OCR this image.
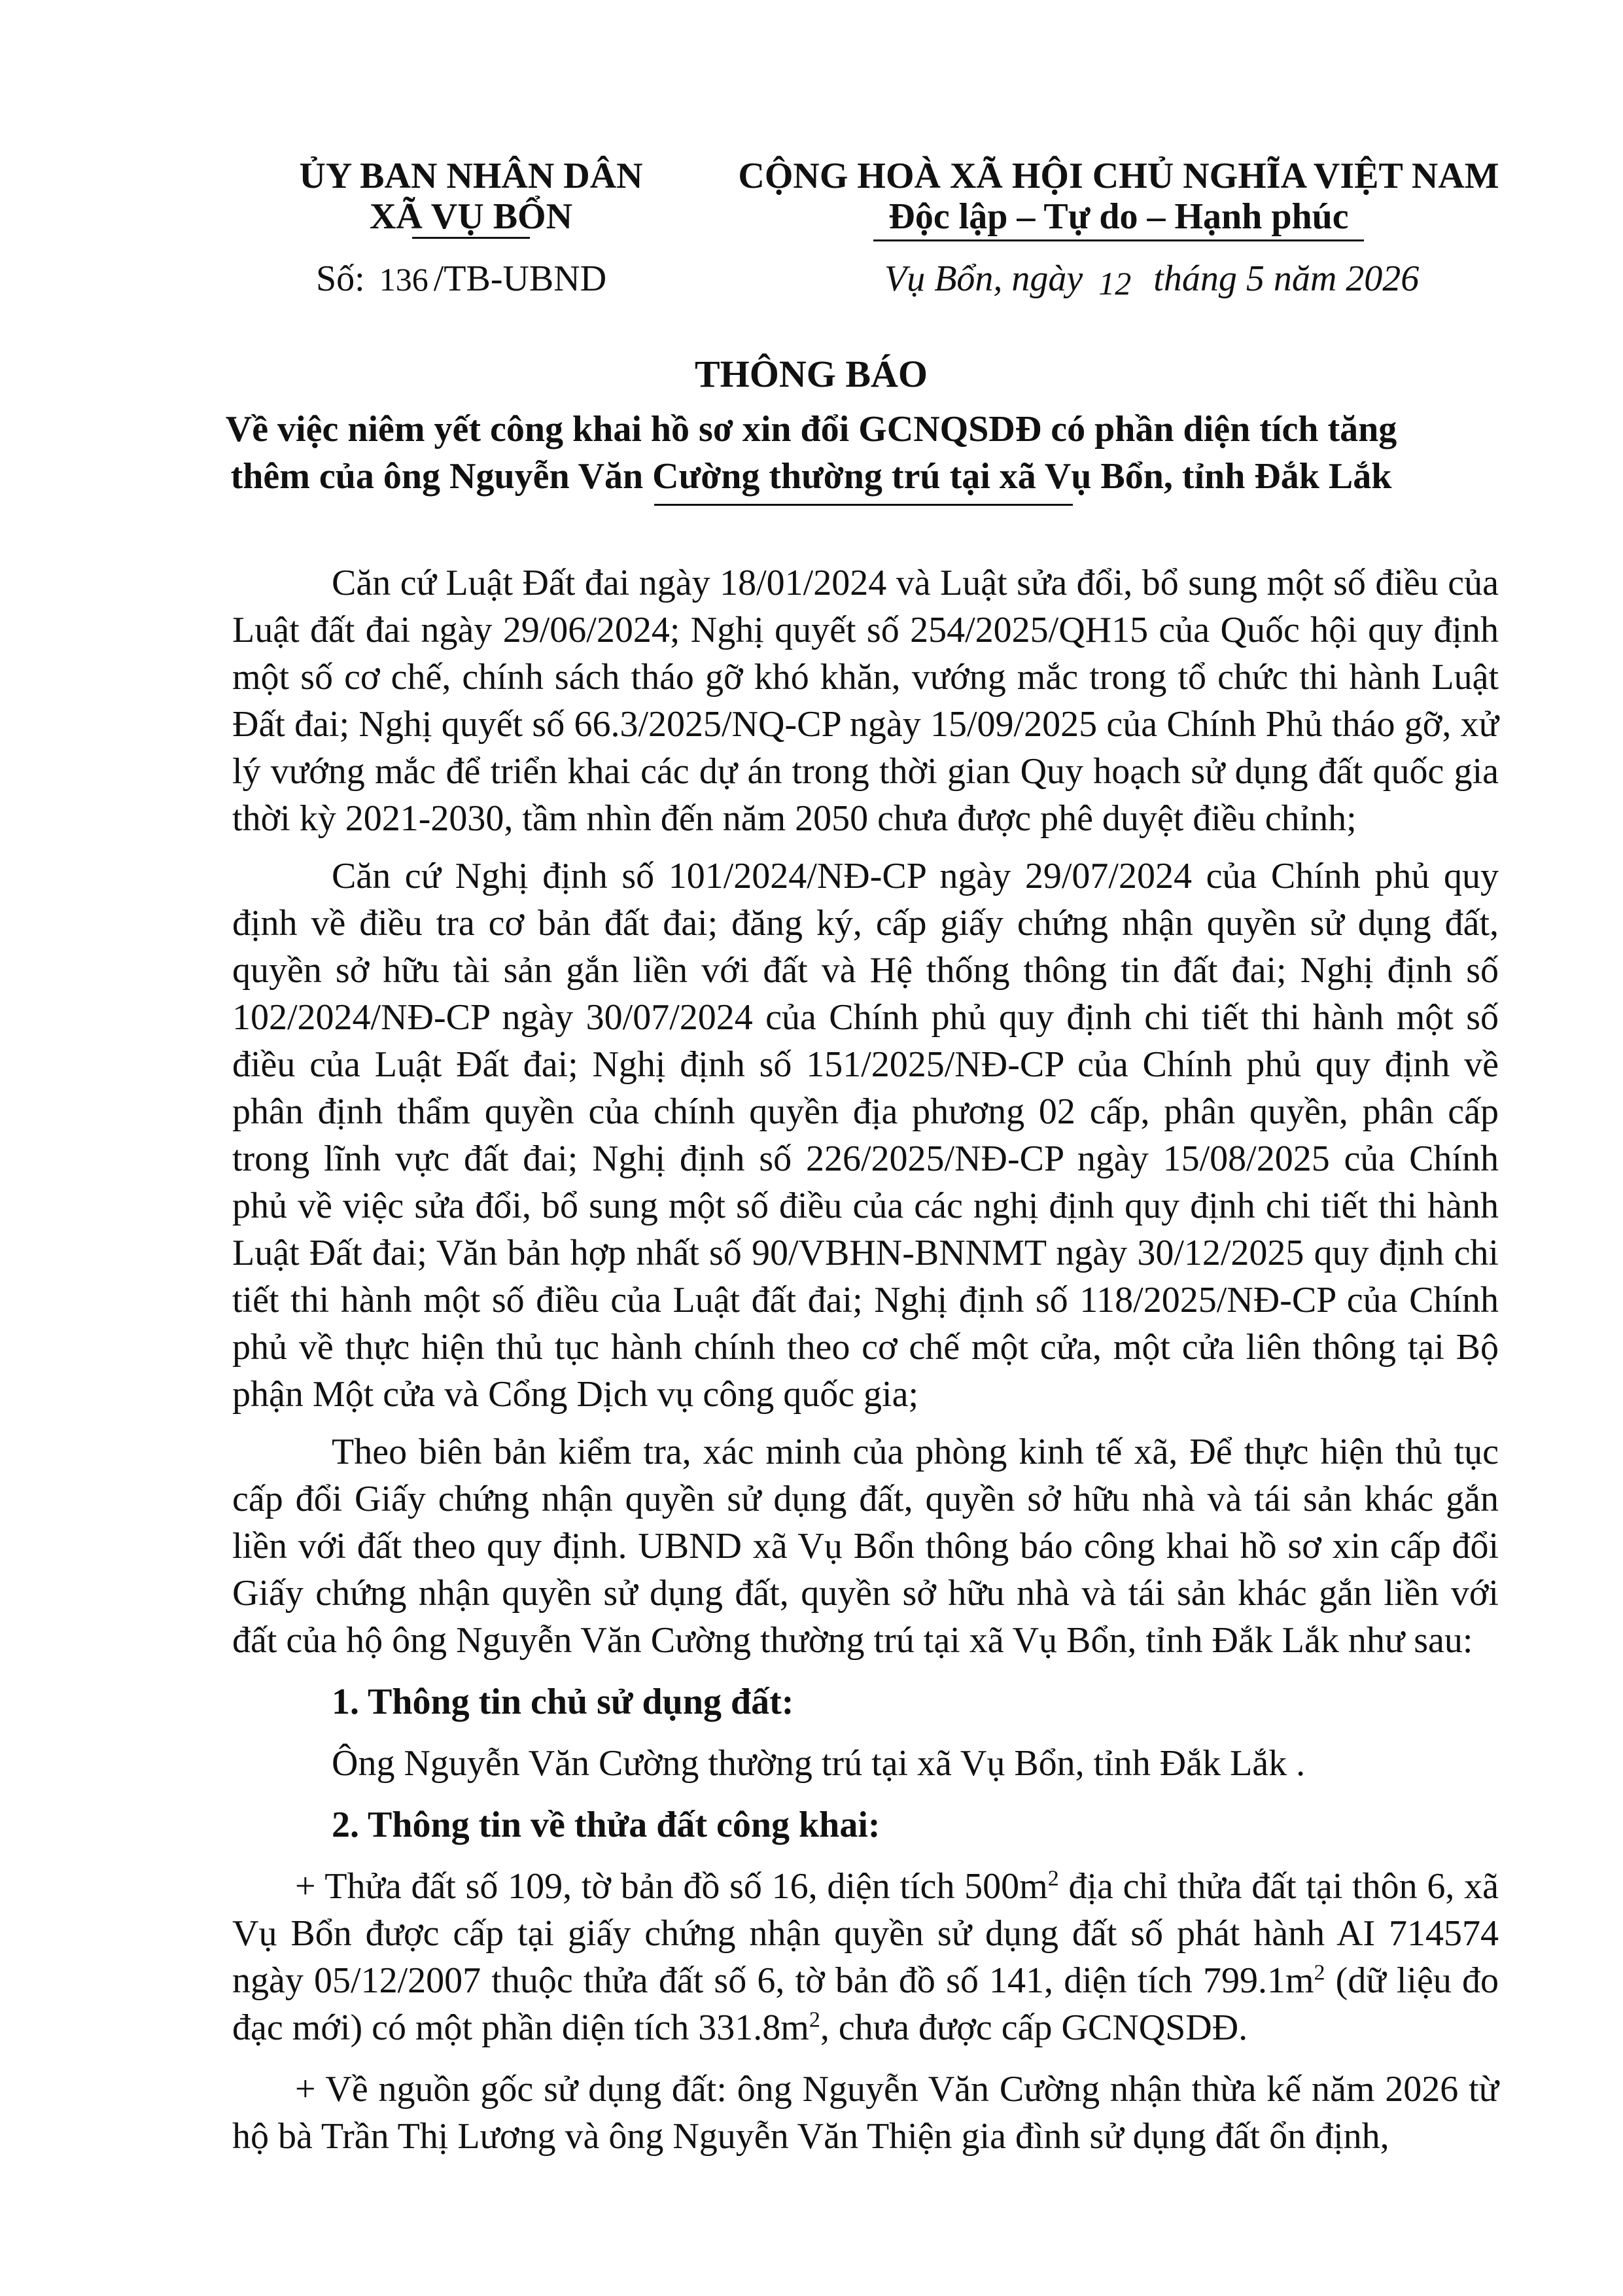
ỦY BAN NHÂN DÂN
XÃ VỤ BỔN
Số: 136 /TB-UBND
CỘNG HOÀ XÃ HỘI CHỦ NGHĨA VIỆT NAM
Độc lập – Tự do – Hạnh phúc
Vụ Bổn, ngày 12 tháng 5 năm 2026
THÔNG BÁO
Về việc niêm yết công khai hồ sơ xin đổi GCNQSDĐ có phần diện tích tăng
thêm của ông Nguyễn Văn Cường thường trú tại xã Vụ Bổn, tỉnh Đắk Lắk

Căn cứ Luật Đất đai ngày 18/01/2024 và Luật sửa đổi, bổ sung một số điều của Luật đất đai ngày 29/06/2024; Nghị quyết số 254/2025/QH15 của Quốc hội quy định một số cơ chế, chính sách tháo gỡ khó khăn, vướng mắc trong tổ chức thi hành Luật Đất đai; Nghị quyết số 66.3/2025/NQ-CP ngày 15/09/2025 của Chính Phủ tháo gỡ, xử lý vướng mắc để triển khai các dự án trong thời gian Quy hoạch sử dụng đất quốc gia thời kỳ 2021-2030, tầm nhìn đến năm 2050 chưa được phê duyệt điều chỉnh;

Căn cứ Nghị định số 101/2024/NĐ-CP ngày 29/07/2024 của Chính phủ quy định về điều tra cơ bản đất đai; đăng ký, cấp giấy chứng nhận quyền sử dụng đất, quyền sở hữu tài sản gắn liền với đất và Hệ thống thông tin đất đai; Nghị định số 102/2024/NĐ-CP ngày 30/07/2024 của Chính phủ quy định chi tiết thi hành một số điều của Luật Đất đai; Nghị định số 151/2025/NĐ-CP của Chính phủ quy định về phân định thẩm quyền của chính quyền địa phương 02 cấp, phân quyền, phân cấp trong lĩnh vực đất đai; Nghị định số 226/2025/NĐ-CP ngày 15/08/2025 của Chính phủ về việc sửa đổi, bổ sung một số điều của các nghị định quy định chi tiết thi hành Luật Đất đai; Văn bản hợp nhất số 90/VBHN-BNNMT ngày 30/12/2025 quy định chi tiết thi hành một số điều của Luật đất đai; Nghị định số 118/2025/NĐ-CP của Chính phủ về thực hiện thủ tục hành chính theo cơ chế một cửa, một cửa liên thông tại Bộ phận Một cửa và Cổng Dịch vụ công quốc gia;

Theo biên bản kiểm tra, xác minh của phòng kinh tế xã, Để thực hiện thủ tục cấp đổi Giấy chứng nhận quyền sử dụng đất, quyền sở hữu nhà và tái sản khác gắn liền với đất theo quy định. UBND xã Vụ Bổn thông báo công khai hồ sơ xin cấp đổi Giấy chứng nhận quyền sử dụng đất, quyền sở hữu nhà và tái sản khác gắn liền với đất của hộ ông Nguyễn Văn Cường thường trú tại xã Vụ Bổn, tỉnh Đắk Lắk như sau:

1. Thông tin chủ sử dụng đất:

Ông Nguyễn Văn Cường thường trú tại xã Vụ Bổn, tỉnh Đắk Lắk .

2. Thông tin về thửa đất công khai:

+ Thửa đất số 109, tờ bản đồ số 16, diện tích $500m^2$ địa chỉ thửa đất tại thôn 6, xã Vụ Bổn được cấp tại giấy chứng nhận quyền sử dụng đất số phát hành AI 714574 ngày 05/12/2007 thuộc thửa đất số 6, tờ bản đồ số 141, diện tích $799.1m^2$ (dữ liệu đo đạc mới) có một phần diện tích $331.8m^2$, chưa được cấp GCNQSDĐ.

+ Về nguồn gốc sử dụng đất: ông Nguyễn Văn Cường nhận thừa kế năm 2026 từ hộ bà Trần Thị Lương và ông Nguyễn Văn Thiện gia đình sử dụng đất ổn định,
